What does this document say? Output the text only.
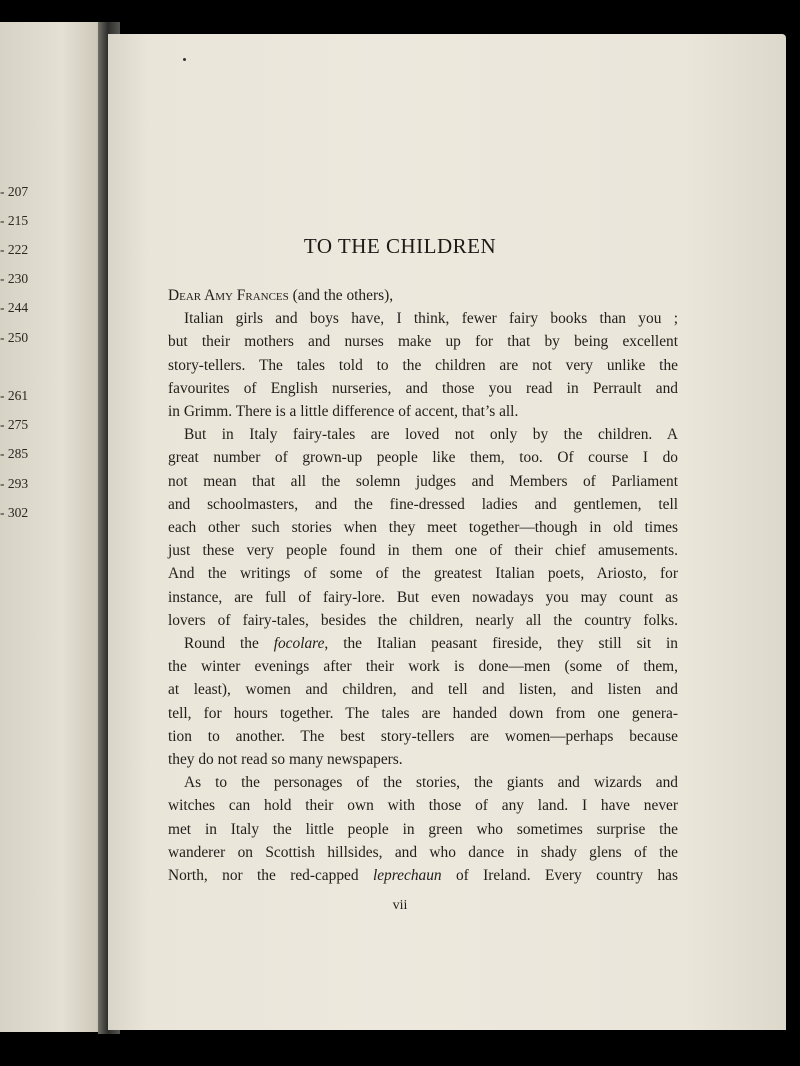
- 207
- 215
- 222
- 230
- 244
- 250
- 261
- 275
- 285
- 293
- 302
TO THE CHILDREN
Dear Amy Frances (and the others),
Italian girls and boys have, I think, fewer fairy books than you ;
but their mothers and nurses make up for that by being excellent
story-tellers. The tales told to the children are not very unlike the
favourites of English nurseries, and those you read in Perrault and
in Grimm. There is a little difference of accent, that’s all.
But in Italy fairy-tales are loved not only by the children. A
great number of grown-up people like them, too. Of course I do
not mean that all the solemn judges and Members of Parliament
and schoolmasters, and the fine-dressed ladies and gentlemen, tell
each other such stories when they meet together—though in old times
just these very people found in them one of their chief amusements.
And the writings of some of the greatest Italian poets, Ariosto, for
instance, are full of fairy-lore. But even nowadays you may count as
lovers of fairy-tales, besides the children, nearly all the country folks.
Round the focolare, the Italian peasant fireside, they still sit in
the winter evenings after their work is done—men (some of them,
at least), women and children, and tell and listen, and listen and
tell, for hours together. The tales are handed down from one genera-
tion to another. The best story-tellers are women—perhaps because
they do not read so many newspapers.
As to the personages of the stories, the giants and wizards and
witches can hold their own with those of any land. I have never
met in Italy the little people in green who sometimes surprise the
wanderer on Scottish hillsides, and who dance in shady glens of the
North, nor the red-capped leprechaun of Ireland. Every country has
vii
